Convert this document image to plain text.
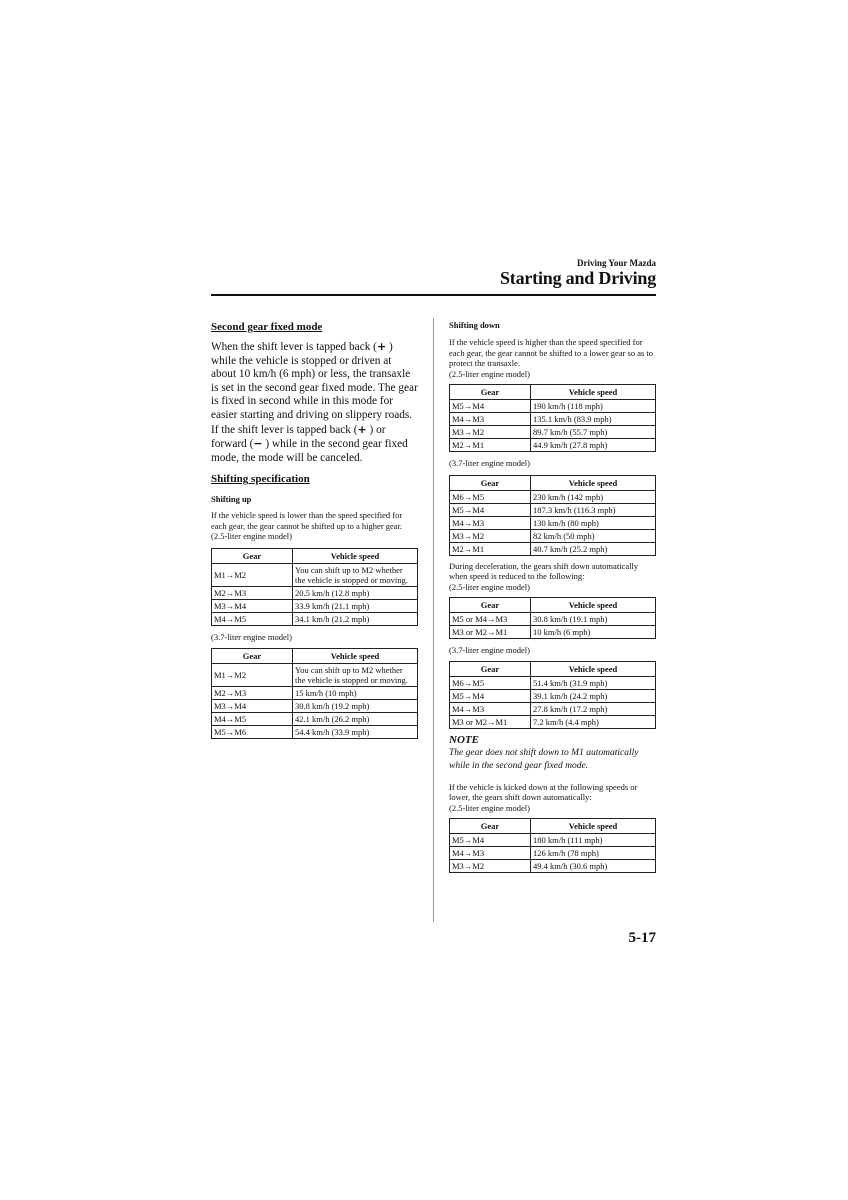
Driving Your Mazda
Starting and Driving

Second gear fixed mode

When the shift lever is tapped back (+ ) while the vehicle is stopped or driven at about 10 km/h (6 mph) or less, the transaxle is set in the second gear fixed mode. The gear is fixed in second while in this mode for easier starting and driving on slippery roads. If the shift lever is tapped back (+ ) or forward (− ) while in the second gear fixed mode, the mode will be canceled.

Shifting specification

Shifting up

If the vehicle speed is lower than the speed specified for each gear, the gear cannot be shifted up to a higher gear.

(2.5-liter engine model)

Gear	Vehicle speed
M1→M2	You can shift up to M2 whether the vehicle is stopped or moving.
M2→M3	20.5 km/h (12.8 mph)
M3→M4	33.9 km/h (21.1 mph)
M4→M5	34.1 km/h (21.2 mph)

(3.7-liter engine model)

Gear	Vehicle speed
M1→M2	You can shift up to M2 whether the vehicle is stopped or moving.
M2→M3	15 km/h (10 mph)
M3→M4	30.8 km/h (19.2 mph)
M4→M5	42.1 km/h (26.2 mph)
M5→M6	54.4 km/h (33.9 mph)

Shifting down

If the vehicle speed is higher than the speed specified for each gear, the gear cannot be shifted to a lower gear so as to protect the transaxle.

(2.5-liter engine model)

Gear	Vehicle speed
M5→M4	190 km/h (118 mph)
M4→M3	135.1 km/h (83.9 mph)
M3→M2	89.7 km/h (55.7 mph)
M2→M1	44.9 km/h (27.8 mph)

(3.7-liter engine model)

Gear	Vehicle speed
M6→M5	230 km/h (142 mph)
M5→M4	187.3 km/h (116.3 mph)
M4→M3	130 km/h (80 mph)
M3→M2	82 km/h (50 mph)
M2→M1	40.7 km/h (25.2 mph)

During deceleration, the gears shift down automatically when speed is reduced to the following:

(2.5-liter engine model)

Gear	Vehicle speed
M5 or M4→M3	30.8 km/h (19.1 mph)
M3 or M2→M1	10 km/h (6 mph)

(3.7-liter engine model)

Gear	Vehicle speed
M6→M5	51.4 km/h (31.9 mph)
M5→M4	39.1 km/h (24.2 mph)
M4→M3	27.8 km/h (17.2 mph)
M3 or M2→M1	7.2 km/h (4.4 mph)

NOTE

The gear does not shift down to M1 automatically while in the second gear fixed mode.

If the vehicle is kicked down at the following speeds or lower, the gears shift down automatically:

(2.5-liter engine model)

Gear	Vehicle speed
M5→M4	180 km/h (111 mph)
M4→M3	126 km/h (78 mph)
M3→M2	49.4 km/h (30.6 mph)
5-17
